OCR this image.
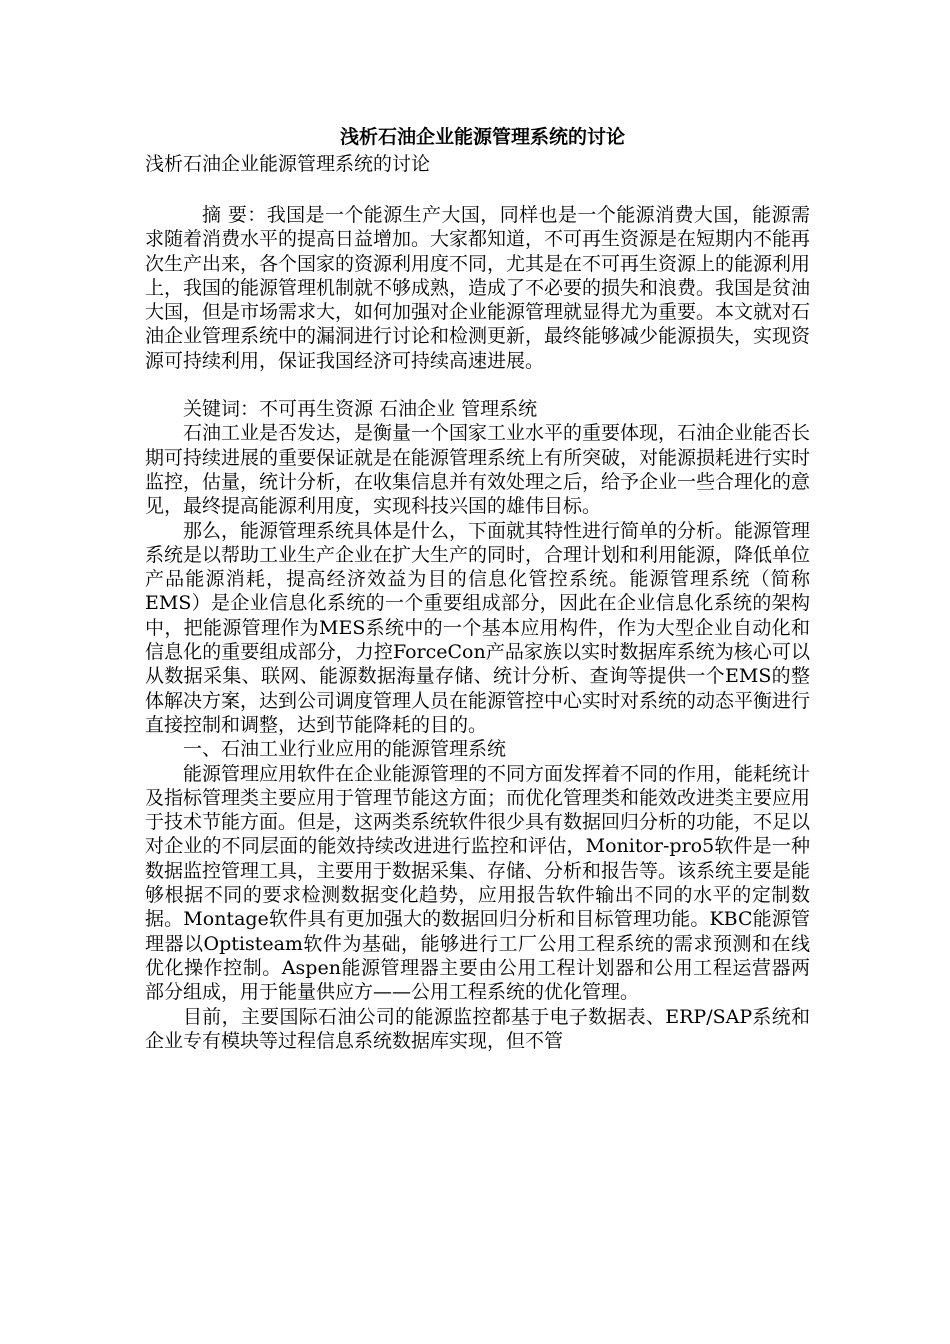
浅析石油企业能源管理系统的讨论
浅析石油企业能源管理系统的讨论

摘 要：我国是一个能源生产大国，同样也是一个能源消费大国，能源需求随着消费水平的提高日益增加。大家都知道，不可再生资源是在短期内不能再次生产出来，各个国家的资源利用度不同，尤其是在不可再生资源上的能源利用上，我国的能源管理机制就不够成熟，造成了不必要的损失和浪费。我国是贫油大国，但是市场需求大，如何加强对企业能源管理就显得尤为重要。本文就对石油企业管理系统中的漏洞进行讨论和检测更新，最终能够减少能源损失，实现资源可持续利用，保证我国经济可持续高速进展。

关键词：不可再生资源 石油企业 管理系统

石油工业是否发达，是衡量一个国家工业水平的重要体现，石油企业能否长期可持续进展的重要保证就是在能源管理系统上有所突破，对能源损耗进行实时监控，估量，统计分析，在收集信息并有效处理之后，给予企业一些合理化的意见，最终提高能源利用度，实现科技兴国的雄伟目标。

那么，能源管理系统具体是什么，下面就其特性进行简单的分析。能源管理系统是以帮助工业生产企业在扩大生产的同时，合理计划和利用能源，降低单位产品能源消耗，提高经济效益为目的信息化管控系统。能源管理系统（简称EMS）是企业信息化系统的一个重要组成部分，因此在企业信息化系统的架构中，把能源管理作为MES系统中的一个基本应用构件，作为大型企业自动化和信息化的重要组成部分，力控ForceCon产品家族以实时数据库系统为核心可以从数据采集、联网、能源数据海量存储、统计分析、查询等提供一个EMS的整体解决方案，达到公司调度管理人员在能源管控中心实时对系统的动态平衡进行直接控制和调整，达到节能降耗的目的。

一、石油工业行业应用的能源管理系统

能源管理应用软件在企业能源管理的不同方面发挥着不同的作用，能耗统计及指标管理类主要应用于管理节能这方面；而优化管理类和能效改进类主要应用于技术节能方面。但是，这两类系统软件很少具有数据回归分析的功能，不足以对企业的不同层面的能效持续改进进行监控和评估，Monitor-pro5软件是一种数据监控管理工具，主要用于数据采集、存储、分析和报告等。该系统主要是能够根据不同的要求检测数据变化趋势，应用报告软件输出不同的水平的定制数据。Montage软件具有更加强大的数据回归分析和目标管理功能。KBC能源管理器以Optisteam软件为基础，能够进行工厂公用工程系统的需求预测和在线优化操作控制。Aspen能源管理器主要由公用工程计划器和公用工程运营器两部分组成，用于能量供应方——公用工程系统的优化管理。

目前，主要国际石油公司的能源监控都基于电子数据表、ERP/SAP系统和企业专有模块等过程信息系统数据库实现，但不管
